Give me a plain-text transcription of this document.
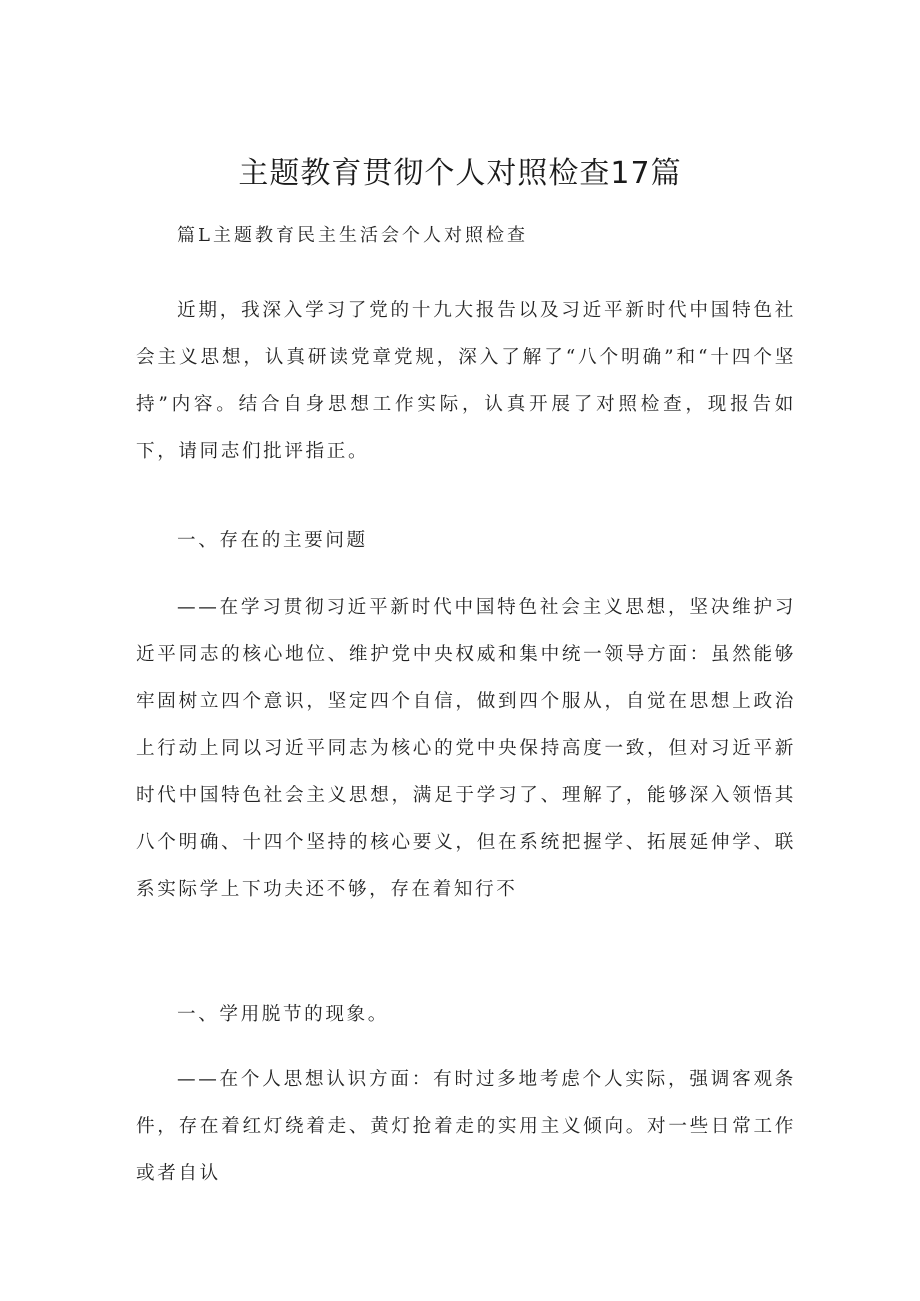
主题教育贯彻个人对照检查17篇
篇L主题教育民主生活会个人对照检查

近期，我深入学习了党的十九大报告以及习近平新时代中国特色社会主义思想，认真研读党章党规，深入了解了“八个明确”和“十四个坚持”内容。结合自身思想工作实际，认真开展了对照检查，现报告如下，请同志们批评指正。

一、存在的主要问题

——在学习贯彻习近平新时代中国特色社会主义思想，坚决维护习近平同志的核心地位、维护党中央权威和集中统一领导方面：虽然能够牢固树立四个意识，坚定四个自信，做到四个服从，自觉在思想上政治上行动上同以习近平同志为核心的党中央保持高度一致，但对习近平新时代中国特色社会主义思想，满足于学习了、理解了，能够深入领悟其八个明确、十四个坚持的核心要义，但在系统把握学、拓展延伸学、联系实际学上下功夫还不够，存在着知行不

一、学用脱节的现象。

——在个人思想认识方面：有时过多地考虑个人实际，强调客观条件，存在着红灯绕着走、黄灯抢着走的实用主义倾向。对一些日常工作或者自认
